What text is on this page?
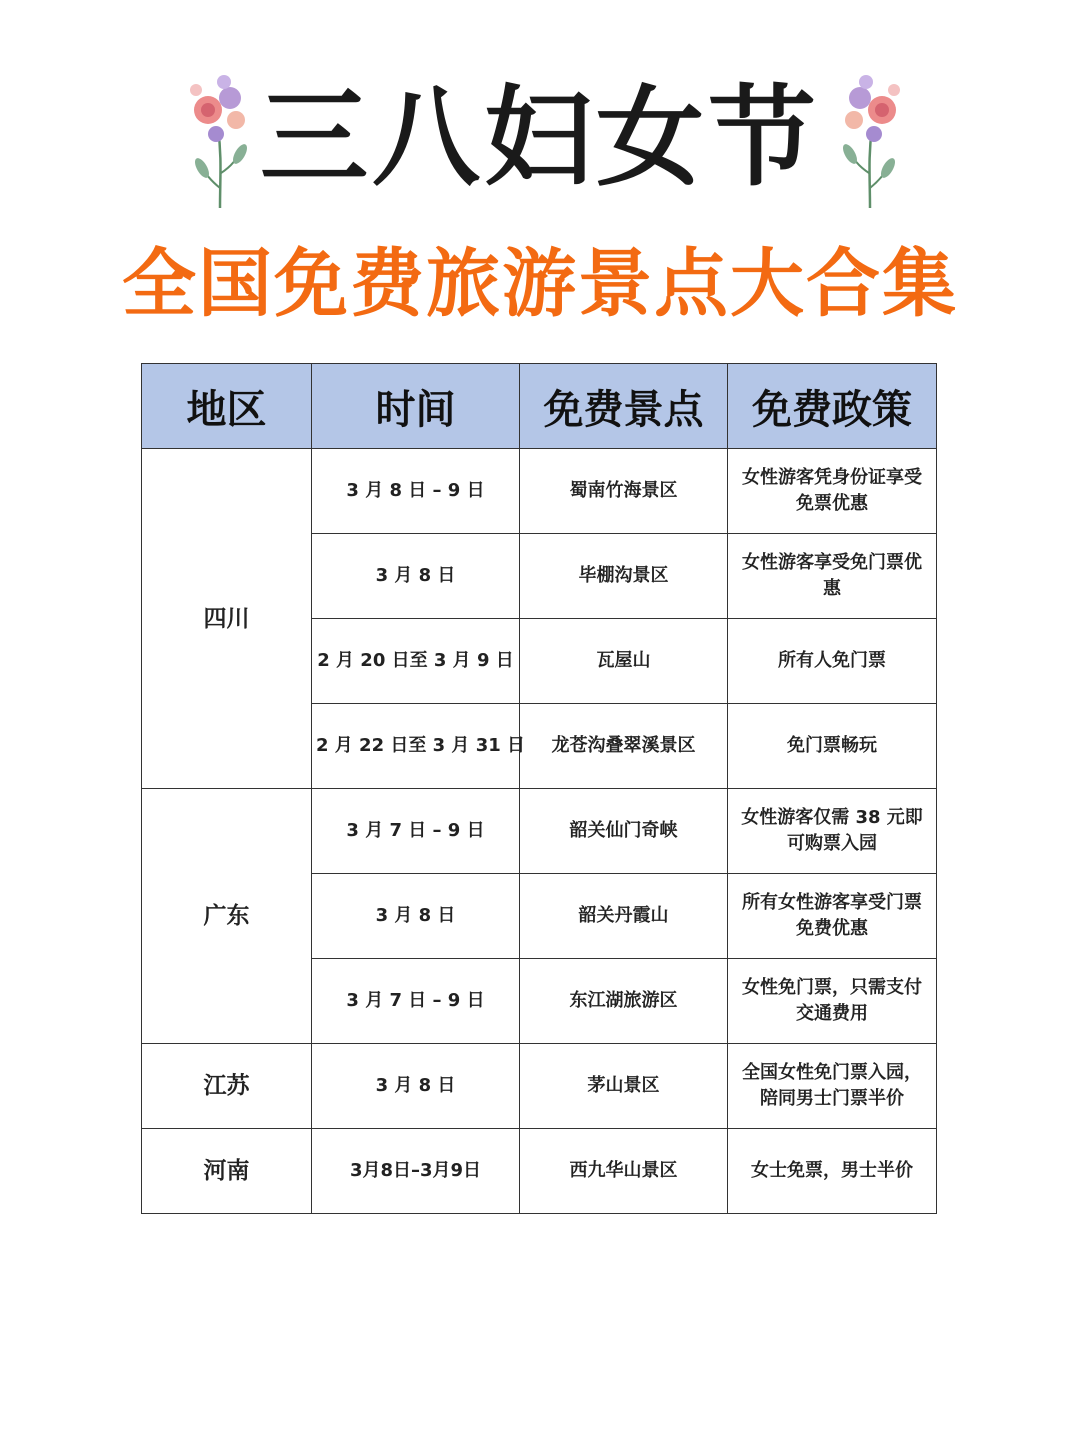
三八妇女节
全国免费旅游景点大合集
地区	时间	免费景点	免费政策
四川	3 月 8 日 – 9 日	蜀南竹海景区	女性游客凭身份证享受免票优惠
	3 月 8 日	毕棚沟景区	女性游客享受免门票优惠
	2 月 20 日至 3 月 9 日	瓦屋山	所有人免门票
	2 月 22 日至 3 月 31 日	龙苍沟叠翠溪景区	免门票畅玩
广东	3 月 7 日 – 9 日	韶关仙门奇峡	女性游客仅需 38 元即可购票入园
	3 月 8 日	韶关丹霞山	所有女性游客享受门票免费优惠
	3 月 7 日 – 9 日	东江湖旅游区	女性免门票，只需支付交通费用
江苏	3 月 8 日	茅山景区	全国女性免门票入园，陪同男士门票半价
河南	3月8日–3月9日	西九华山景区	女士免票，男士半价
